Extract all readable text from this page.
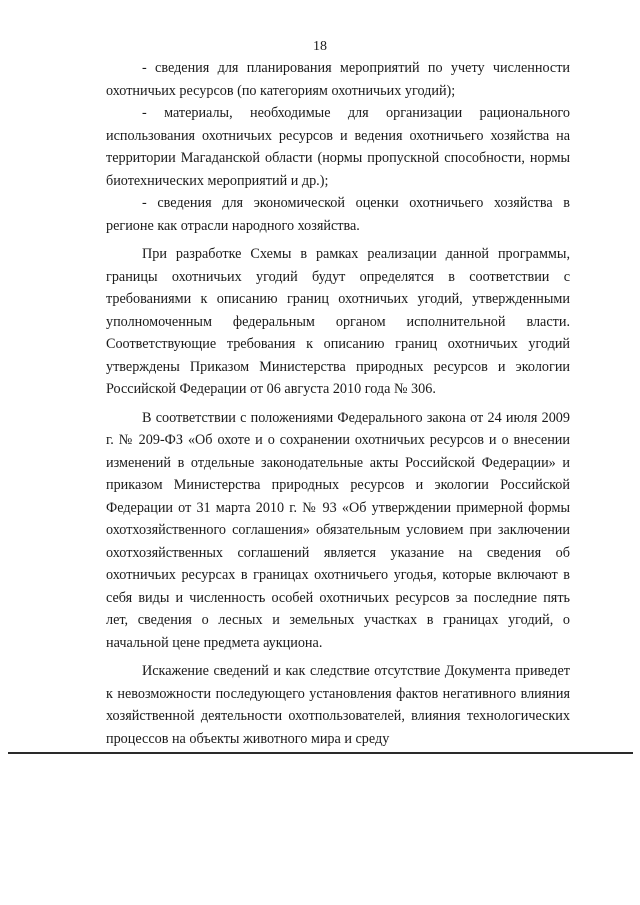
18

- сведения для планирования мероприятий по учету численности охотничьих ресурсов (по категориям охотничьих угодий);

- материалы, необходимые для организации рационального использования охотничьих ресурсов и ведения охотничьего хозяйства на территории Магаданской области (нормы пропускной способности, нормы биотехнических мероприятий и др.);

- сведения для экономической оценки охотничьего хозяйства в регионе как отрасли народного хозяйства.

При разработке Схемы в рамках реализации данной программы, границы охотничьих угодий будут определятся в соответствии с требованиями к описанию границ охотничьих угодий, утвержденными уполномоченным федеральным органом исполнительной власти. Соответствующие требования к описанию границ охотничьих угодий утверждены Приказом Министерства природных ресурсов и экологии Российской Федерации от 06 августа 2010 года № 306.

В соответствии с положениями Федерального закона от 24 июля 2009 г. № 209-ФЗ «Об охоте и о сохранении охотничьих ресурсов и о внесении изменений в отдельные законодательные акты Российской Федерации» и приказом Министерства природных ресурсов и экологии Российской Федерации от 31 марта 2010 г. № 93 «Об утверждении примерной формы охотхозяйственного соглашения» обязательным условием при заключении охотхозяйственных соглашений является указание на сведения об охотничьих ресурсах в границах охотничьего угодья, которые включают в себя виды и численность особей охотничьих ресурсов за последние пять лет, сведения о лесных и земельных участках в границах угодий, о начальной цене предмета аукциона.

Искажение сведений и как следствие отсутствие Документа приведет к невозможности последующего установления фактов негативного влияния хозяйственной деятельности охотпользователей, влияния технологических процессов на объекты животного мира и среду
